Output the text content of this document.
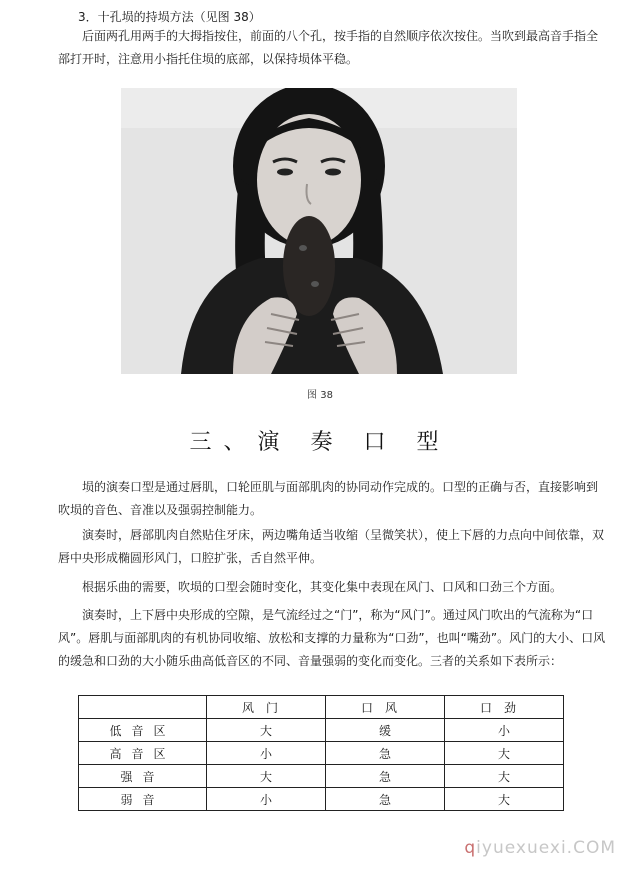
3．十孔埙的持埙方法（见图 38）

后面两孔用两手的大拇指按住，前面的八个孔，按手指的自然顺序依次按住。当吹到最高音手指全部打开时，注意用小指托住埙的底部，以保持埙体平稳。

图 38
三、演 奏 口 型

埙的演奏口型是通过唇肌，口轮匝肌与面部肌肉的协同动作完成的。口型的正确与否，直接影响到吹埙的音色、音准以及强弱控制能力。

演奏时，唇部肌肉自然贴住牙床，两边嘴角适当收缩（呈微笑状），使上下唇的力点向中间依靠，双唇中央形成椭圆形风门，口腔扩张，舌自然平伸。

根据乐曲的需要，吹埙的口型会随时变化，其变化集中表现在风门、口风和口劲三个方面。

演奏时，上下唇中央形成的空隙，是气流经过之“门”，称为“风门”。通过风门吹出的气流称为“口风”。唇肌与面部肌肉的有机协同收缩、放松和支撑的力量称为“口劲”，也叫“嘴劲”。风门的大小、口风的缓急和口劲的大小随乐曲高低音区的不同、音量强弱的变化而变化。三者的关系如下表所示：

	风门	口风	口劲
低音区	大	缓	小
高音区	小	急	大
强音	大	急	大
弱音	小	急	大
qiyuexuexi.COM
